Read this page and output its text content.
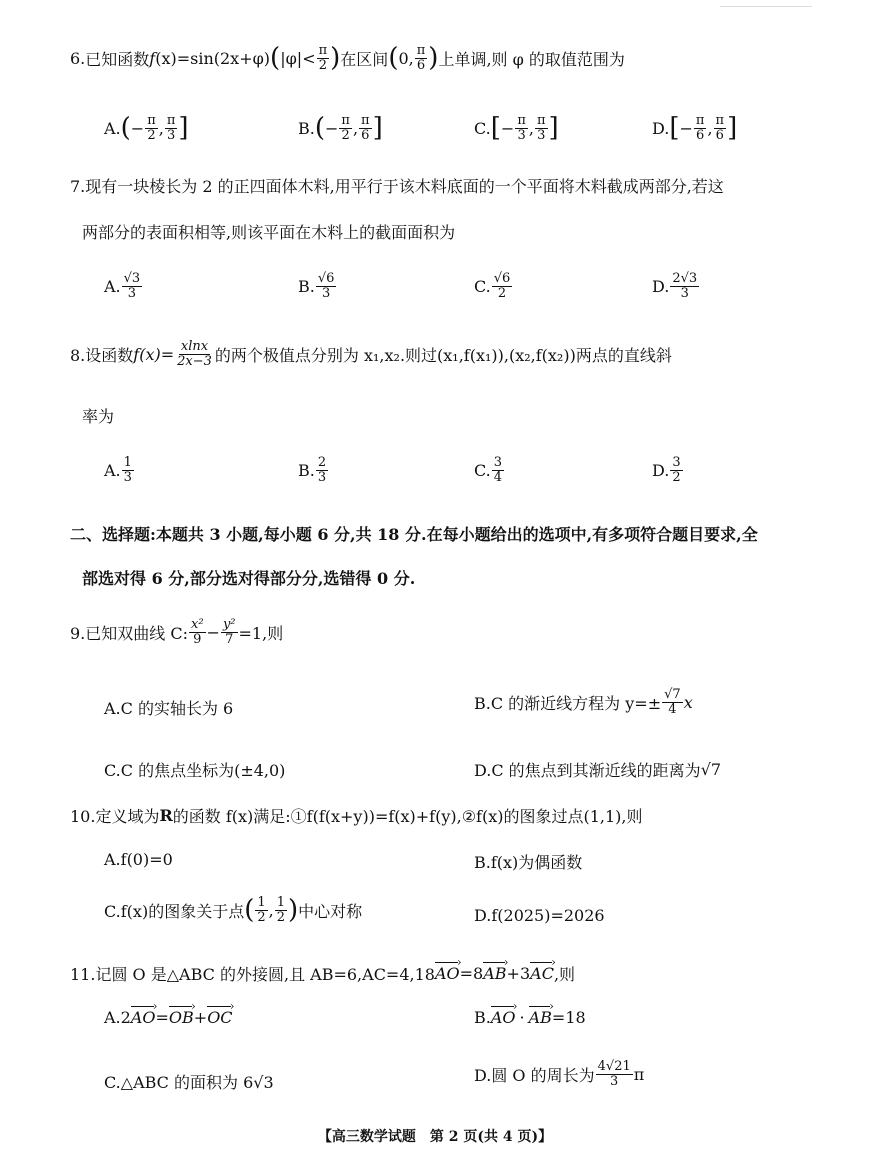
6. 已知函数 f (x)=sin(2x+φ) ( $|\varphi|< \frac{\pi}{2}$ ) 在区间 ( 0, $\frac{\pi}{6}$ ) 上单调,则 φ 的取值范围为
A. ( − $\frac{\pi}{2}$ , $\frac{\pi}{3}$ ]	B. ( − $\frac{\pi}{2}$ , $\frac{\pi}{6}$ ]	C. [ − $\frac{\pi}{3}$ , $\frac{\pi}{3}$ ]	D. [ − $\frac{\pi}{6}$ , $\frac{\pi}{6}$ ]
7.现有一块棱长为 2 的正四面体木料,用平行于该木料底面的一个平面将木料截成两部分,若这
两部分的表面积相等,则该平面在木料上的截面面积为
A. $\frac{√3}{3}$	B. $\frac{√6}{3}$	C. $\frac{√6}{2}$	D. $\frac{2√3}{3}$
8.设函数 $f(x)= \frac{xlnx}{2x-3}$ 的两个极值点分别为 x₁,x₂.则过(x₁,f(x₁)),(x₂,f(x₂))两点的直线斜
率为
A. $\frac{1}{3}$	B. $\frac{2}{3}$	C. $\frac{3}{4}$	D. $\frac{3}{2}$
二、选择题:本题共 3 小题,每小题 6 分,共 18 分.在每小题给出的选项中,有多项符合题目要求,全
部选对得 6 分,部分选对得部分分,选错得 0 分.
9.已知双曲线 C: $\frac{\text{x²}}{9} - \frac{\text{y²}}{7} =1$,则
A.C 的实轴长为 6	B.C 的渐近线方程为 $y=\pm \frac{√7}{4}$ x
C.C 的焦点坐标为(±4,0)	D.C 的焦点到其渐近线的距离为 √7
10.定义域为 R 的函数 f(x)满足:①f(f(x+y))=f(x)+f(y),②f(x)的图象过点(1,1),则
A.f(0)=0	B.f(x)为偶函数
C.f(x)的图象关于点 ( $\frac{1}{2}$ , $\frac{1}{2}$ ) 中心对称	D.f(2025)=2026
11.记圆 O 是△ABC 的外接圆,且 AB=6,AC=4,18 AO › =8 AB › +3 AC › ,则
A.2 AO › = OB › + OC ›	B. AO › · AB › =18
C.△ABC 的面积为 6√3	D.圆 O 的周长为 $\frac{4√21}{3}$ π
【高三数学试题　第 2 页(共 4 页)】
